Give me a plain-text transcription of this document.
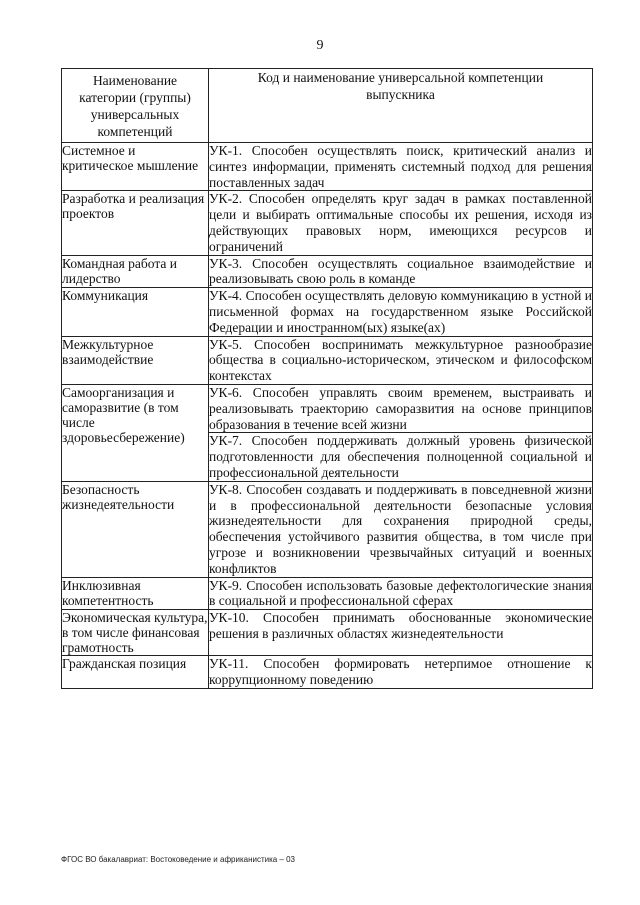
9
Наименование категории (группы) универсальных компетенций	Код и наименование универсальной компетенции выпускника

Системное и критическое мышление	УК-1. Способен осуществлять поиск, критический анализ и синтез информации, применять системный подход для решения поставленных задач

Разработка и реализация проектов	УК-2. Способен определять круг задач в рамках поставленной цели и выбирать оптимальные способы их решения, исходя из действующих правовых норм, имеющихся ресурсов и ограничений

Командная работа и лидерство	УК-3. Способен осуществлять социальное взаимодействие и реализовывать свою роль в команде

Коммуникация	УК-4. Способен осуществлять деловую коммуникацию в устной и письменной формах на государственном языке Российской Федерации и иностранном(ых) языке(ах)

Межкультурное взаимодействие	УК-5. Способен воспринимать межкультурное разнообразие общества в социально-историческом, этическом и философском контекстах

Самоорганизация и саморазвитие (в том числе здоровьесбережение)	УК-6. Способен управлять своим временем, выстраивать и реализовывать траекторию саморазвития на основе принципов образования в течение всей жизни

	УК-7. Способен поддерживать должный уровень физической подготовленности для обеспечения полноценной социальной и профессиональной деятельности

Безопасность жизнедеятельности	УК-8. Способен создавать и поддерживать в повседневной жизни и в профессиональной деятельности безопасные условия жизнедеятельности для сохранения природной среды, обеспечения устойчивого развития общества, в том числе при угрозе и возникновении чрезвычайных ситуаций и военных конфликтов

Инклюзивная компетентность	УК-9. Способен использовать базовые дефектологические знания в социальной и профессиональной сферах

Экономическая культура, в том числе финансовая грамотность	УК-10. Способен принимать обоснованные экономические решения в различных областях жизнедеятельности

Гражданская позиция	УК-11. Способен формировать нетерпимое отношение к коррупционному поведению
ФГОС ВО бакалавриат: Востоковедение и африканистика – 03
